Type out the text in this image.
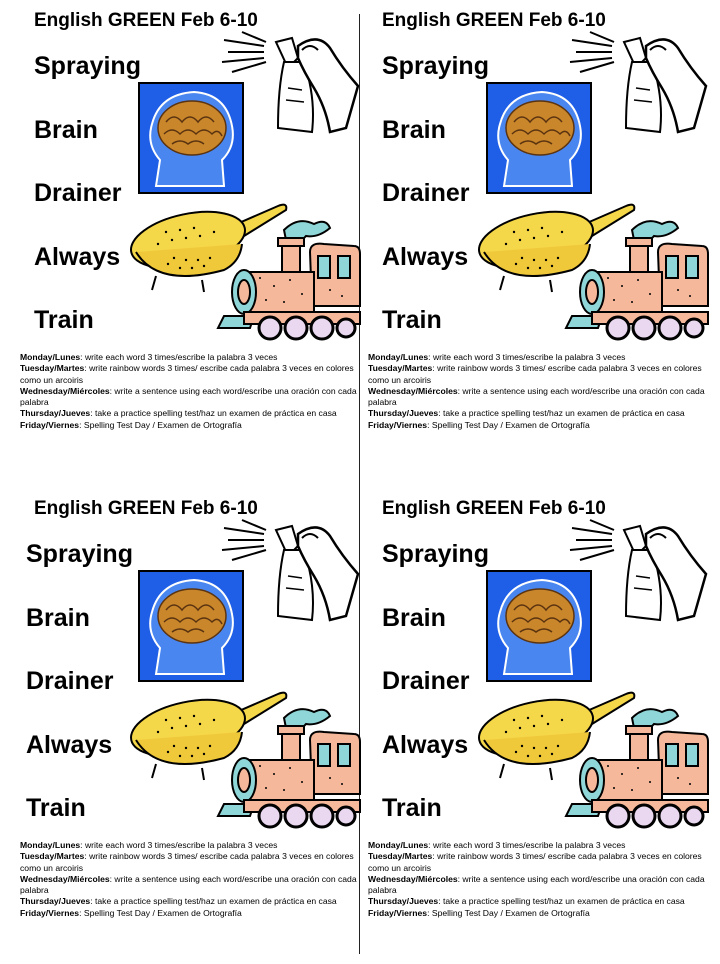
English GREEN Feb 6-10
Spraying
Brain
Drainer
Always
Train
Monday/Lunes: write each word 3 times/escribe la palabra 3 veces
Tuesday/Martes: write rainbow words 3 times/ escribe cada palabra 3 veces en colores como un arcoiris
Wednesday/Miércoles: write a sentence using each word/escribe una oración con cada palabra
Thursday/Jueves: take a practice spelling test/haz un examen de práctica en casa
Friday/Viernes: Spelling Test Day / Examen de Ortografía
English GREEN Feb 6-10
Spraying
Brain
Drainer
Always
Train
Monday/Lunes: write each word 3 times/escribe la palabra 3 veces
Tuesday/Martes: write rainbow words 3 times/ escribe cada palabra 3 veces en colores como un arcoiris
Wednesday/Miércoles: write a sentence using each word/escribe una oración con cada palabra
Thursday/Jueves: take a practice spelling test/haz un examen de práctica en casa
Friday/Viernes: Spelling Test Day / Examen de Ortografía
English GREEN Feb 6-10
Spraying
Brain
Drainer
Always
Train
Monday/Lunes: write each word 3 times/escribe la palabra 3 veces
Tuesday/Martes: write rainbow words 3 times/ escribe cada palabra 3 veces en colores como un arcoiris
Wednesday/Miércoles: write a sentence using each word/escribe una oración con cada palabra
Thursday/Jueves: take a practice spelling test/haz un examen de práctica en casa
Friday/Viernes: Spelling Test Day / Examen de Ortografía
English GREEN Feb 6-10
Spraying
Brain
Drainer
Always
Train
Monday/Lunes: write each word 3 times/escribe la palabra 3 veces
Tuesday/Martes: write rainbow words 3 times/ escribe cada palabra 3 veces en colores como un arcoiris
Wednesday/Miércoles: write a sentence using each word/escribe una oración con cada palabra
Thursday/Jueves: take a practice spelling test/haz un examen de práctica en casa
Friday/Viernes: Spelling Test Day / Examen de Ortografía
